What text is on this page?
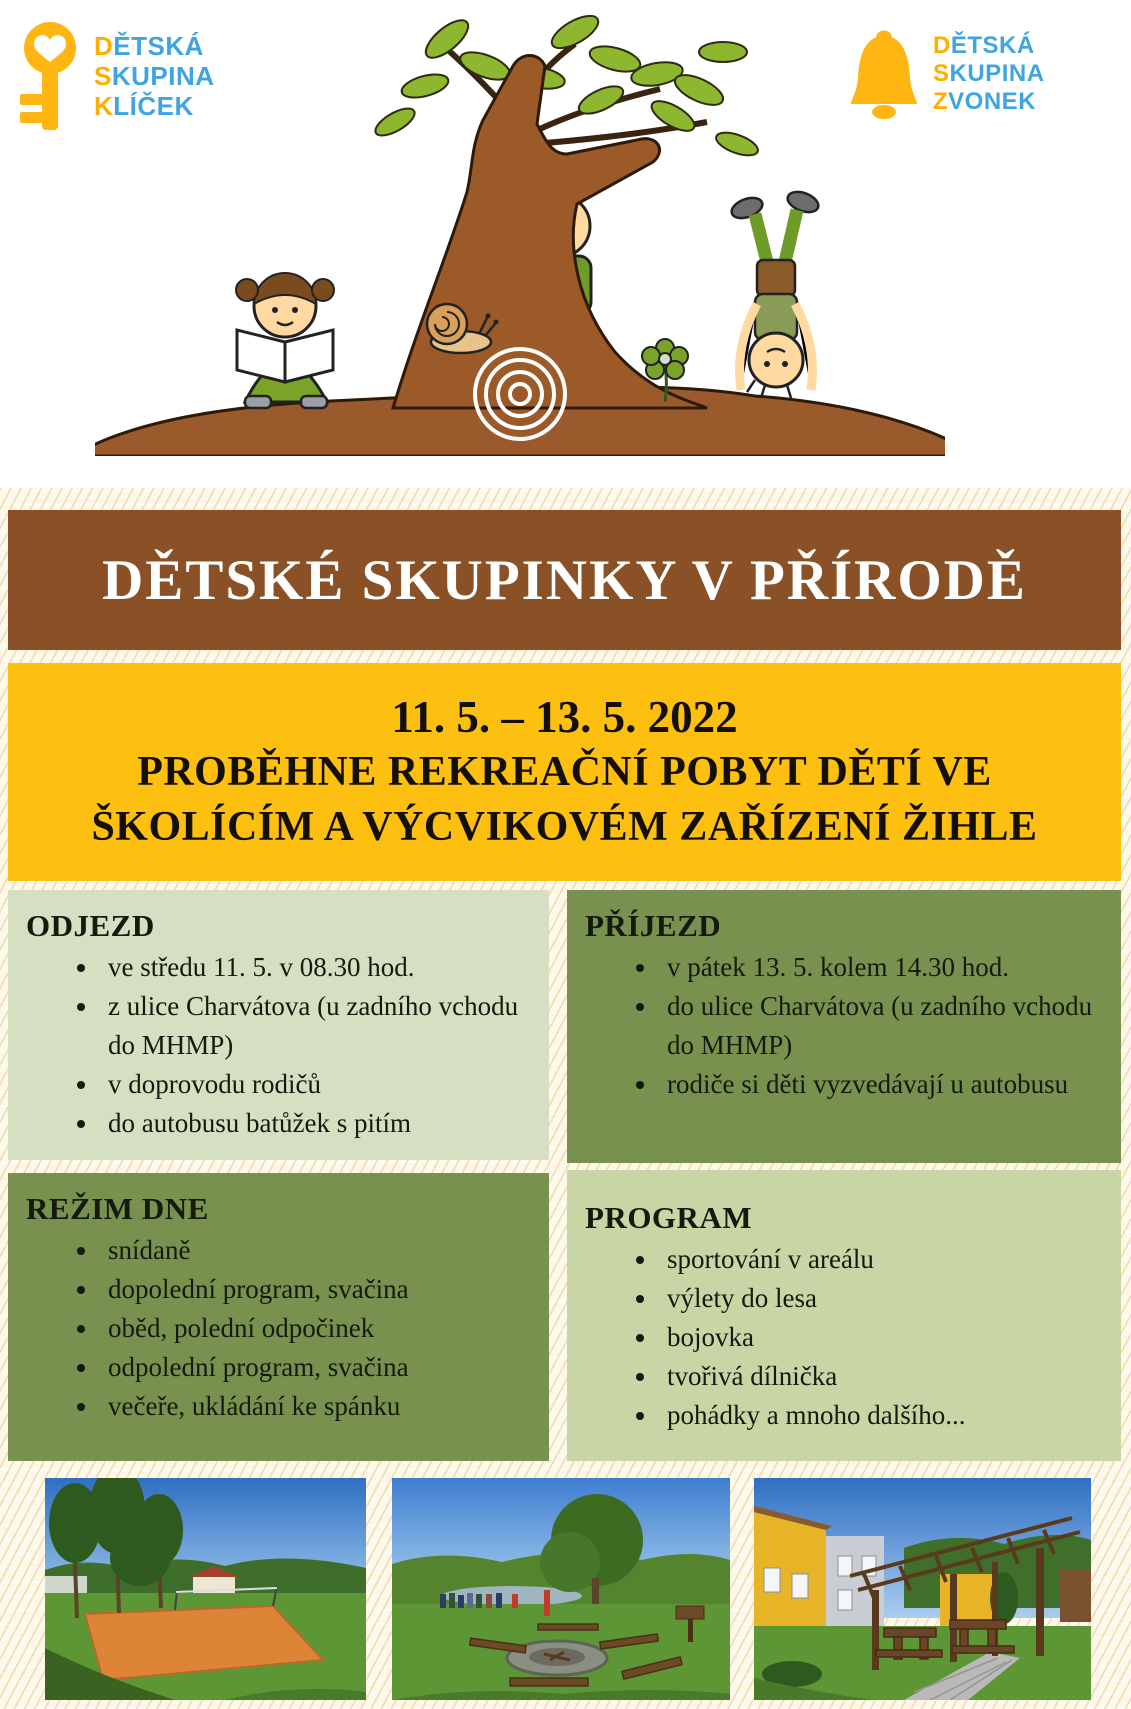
DĚTSKÁ
SKUPINA
KLÍČEK
DĚTSKÁ
SKUPINA
ZVONEK
DĚTSKÉ SKUPINKY V PŘÍRODĚ
11. 5. – 13. 5. 2022
PROBĚHNE REKREAČNÍ POBYT DĚTÍ VE
ŠKOLÍCÍM A VÝCVIKOVÉM ZAŘÍZENÍ ŽIHLE
ODJEZD
• ve středu 11. 5. v 08.30 hod.
• z ulice Charvátova (u zadního vchodu do MHMP)
• v doprovodu rodičů
• do autobusu batůžek s pitím
PŘÍJEZD
• v pátek 13. 5. kolem 14.30 hod.
• do ulice Charvátova (u zadního vchodu do MHMP)
• rodiče si děti vyzvedávají u autobusu
REŽIM DNE
• snídaně
• dopolední program, svačina
• oběd, polední odpočinek
• odpolední program, svačina
• večeře, ukládání ke spánku
PROGRAM
• sportování v areálu
• výlety do lesa
• bojovka
• tvořivá dílnička
• pohádky a mnoho dalšího...
